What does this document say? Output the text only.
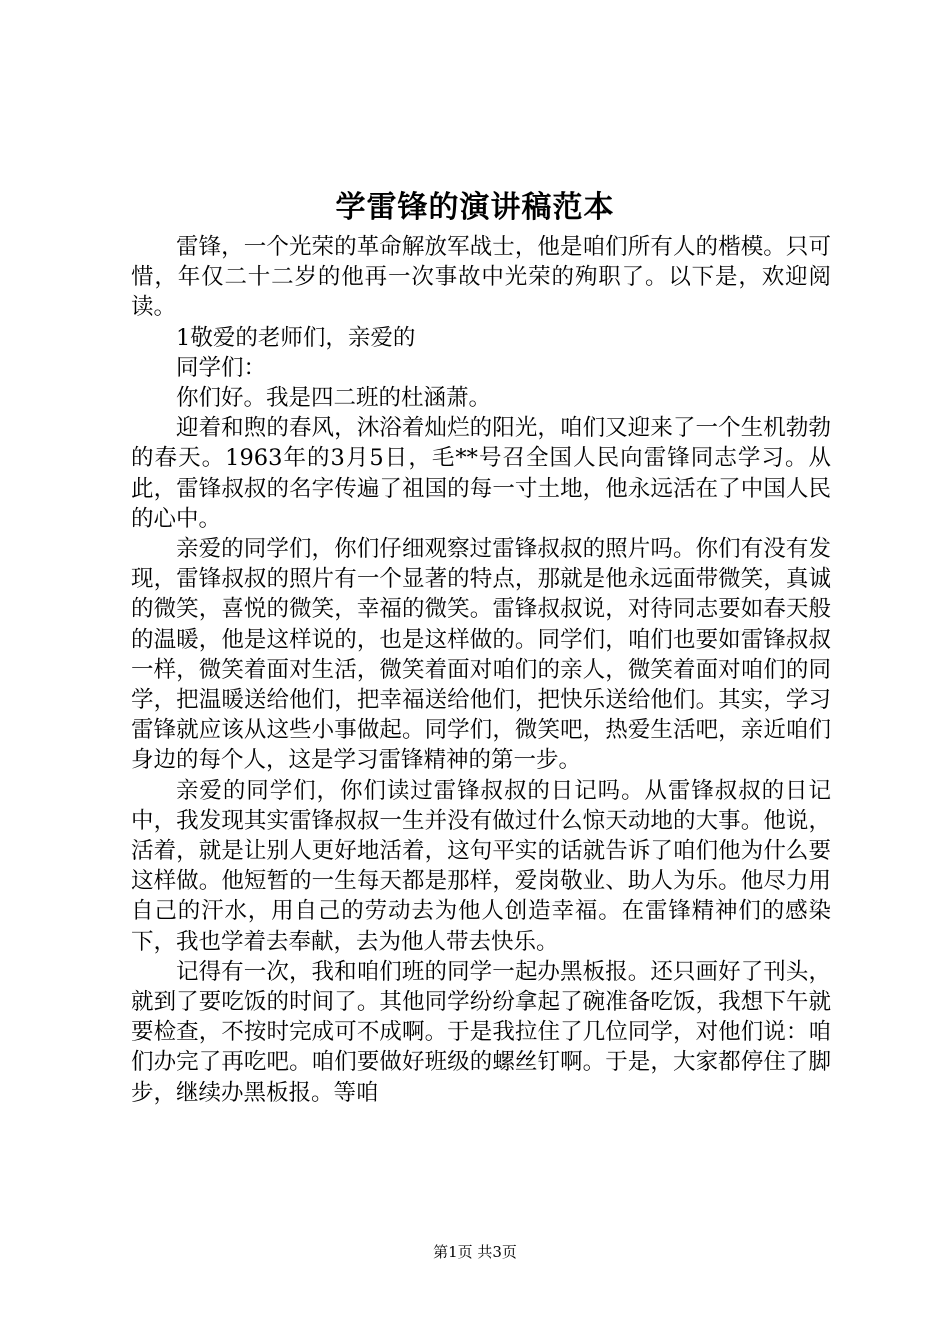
学雷锋的演讲稿范本

雷锋，一个光荣的革命解放军战士，他是咱们所有人的楷模。只可惜，年仅二十二岁的他再一次事故中光荣的殉职了。以下是，欢迎阅读。

1敬爱的老师们，亲爱的

同学们：

你们好。我是四二班的杜涵萧。

迎着和煦的春风，沐浴着灿烂的阳光，咱们又迎来了一个生机勃勃的春天。1963年的3月5日，毛**号召全国人民向雷锋同志学习。从此，雷锋叔叔的名字传遍了祖国的每一寸土地，他永远活在了中国人民的心中。

亲爱的同学们，你们仔细观察过雷锋叔叔的照片吗。你们有没有发现，雷锋叔叔的照片有一个显著的特点，那就是他永远面带微笑，真诚的微笑，喜悦的微笑，幸福的微笑。雷锋叔叔说，对待同志要如春天般的温暖，他是这样说的，也是这样做的。同学们，咱们也要如雷锋叔叔一样，微笑着面对生活，微笑着面对咱们的亲人，微笑着面对咱们的同学，把温暖送给他们，把幸福送给他们，把快乐送给他们。其实，学习雷锋就应该从这些小事做起。同学们，微笑吧，热爱生活吧，亲近咱们身边的每个人，这是学习雷锋精神的第一步。

亲爱的同学们，你们读过雷锋叔叔的日记吗。从雷锋叔叔的日记中，我发现其实雷锋叔叔一生并没有做过什么惊天动地的大事。他说，活着，就是让别人更好地活着，这句平实的话就告诉了咱们他为什么要这样做。他短暂的一生每天都是那样，爱岗敬业、助人为乐。他尽力用自己的汗水，用自己的劳动去为他人创造幸福。在雷锋精神们的感染下，我也学着去奉献，去为他人带去快乐。

记得有一次，我和咱们班的同学一起办黑板报。还只画好了刊头，就到了要吃饭的时间了。其他同学纷纷拿起了碗准备吃饭，我想下午就要检查，不按时完成可不成啊。于是我拉住了几位同学，对他们说：咱们办完了再吃吧。咱们要做好班级的螺丝钉啊。于是，大家都停住了脚步，继续办黑板报。等咱

第1页 共3页
